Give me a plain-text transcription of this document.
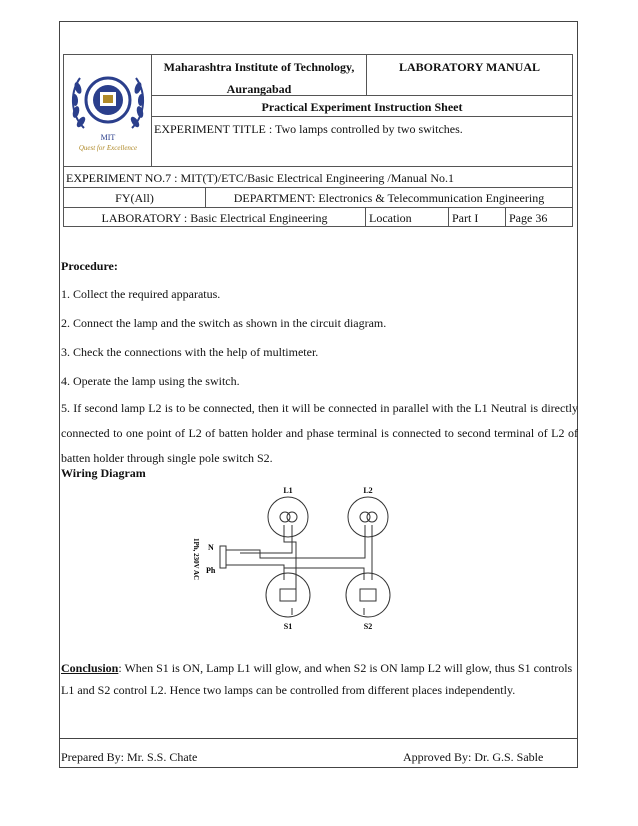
MIT
Quest for Excellence
Maharashtra Institute of Technology,
Aurangabad
LABORATORY MANUAL
Practical Experiment Instruction Sheet
EXPERIMENT TITLE : Two lamps controlled by two switches.
EXPERIMENT NO.7 : MIT(T)/ETC/Basic Electrical Engineering /Manual No.1
FY(All)	DEPARTMENT: Electronics & Telecommunication Engineering
LABORATORY : Basic Electrical Engineering	Location	Part I	Page 36
Procedure:
1. Collect the required apparatus.
2. Connect the lamp and the switch as shown in the circuit diagram.
3. Check the connections with the help of multimeter.
4. Operate the lamp using the switch.
5. If second lamp L2 is to be connected, then it will be connected in parallel with the L1 Neutral is directly connected to one point of L2 of batten holder and phase terminal is connected to second terminal of L2 of batten holder through single pole switch S2.
Wiring Diagram
L1	L2
S1	S2
N
Ph
1Ph, 230V AC
Conclusion: When S1 is ON, Lamp L1 will glow, and when S2 is ON lamp L2 will glow, thus S1 controls L1 and S2 control L2. Hence two lamps can be controlled from different places independently.
Prepared By: Mr. S.S. Chate	Approved By: Dr. G.S. Sable
